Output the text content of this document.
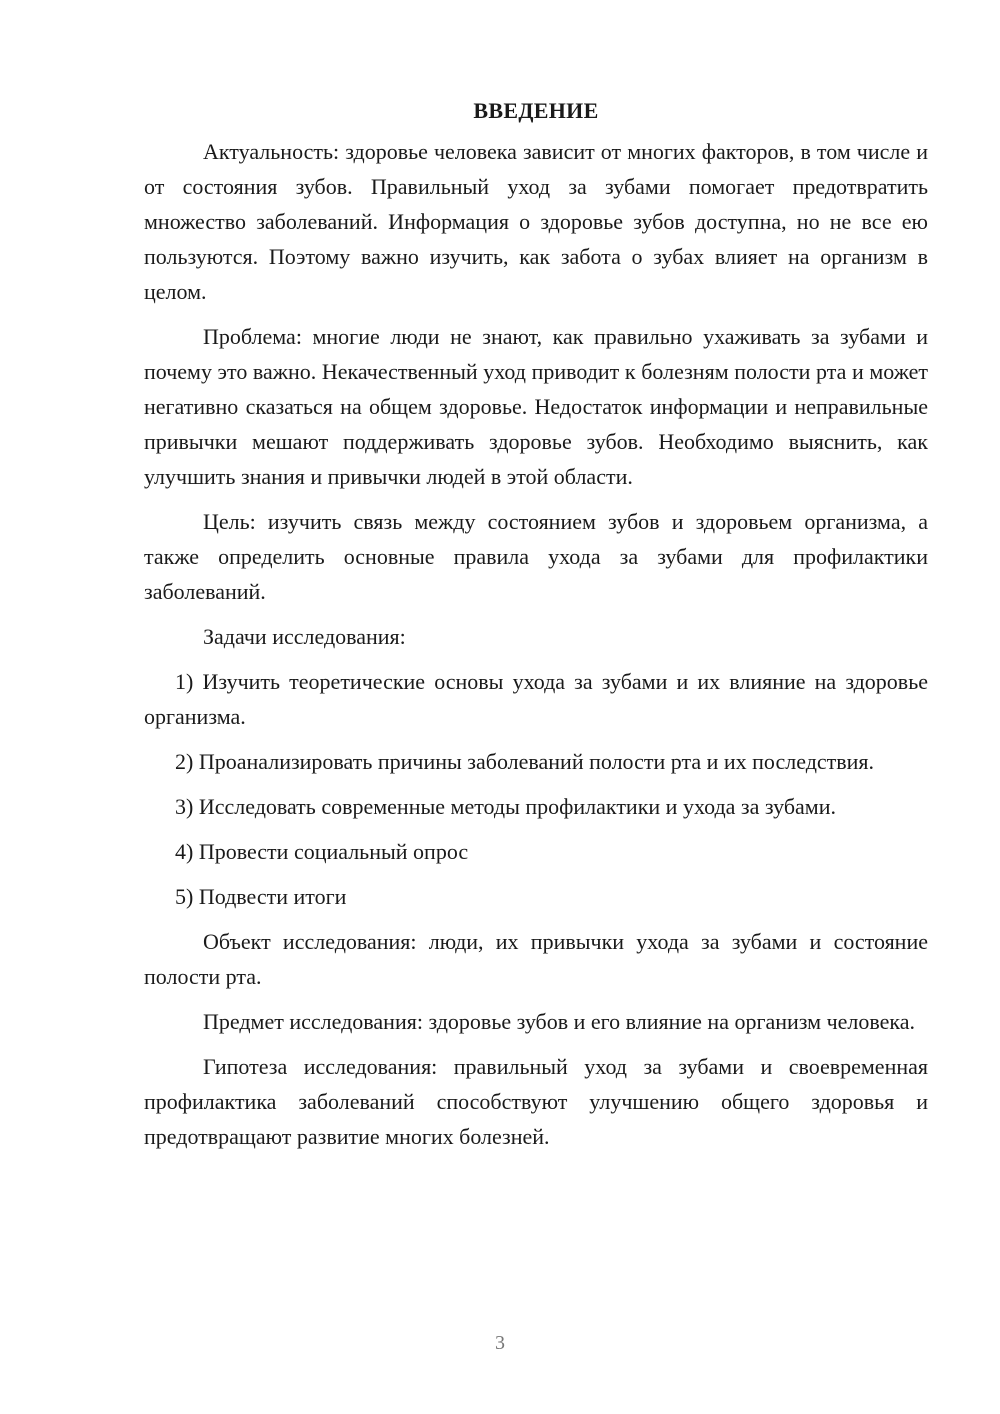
ВВЕДЕНИЕ

Актуальность: здоровье человека зависит от многих факторов, в том числе и от состояния зубов. Правильный уход за зубами помогает предотвратить множество заболеваний. Информация о здоровье зубов доступна, но не все ею пользуются. Поэтому важно изучить, как забота о зубах влияет на организм в целом.

Проблема: многие люди не знают, как правильно ухаживать за зубами и почему это важно. Некачественный уход приводит к болезням полости рта и может негативно сказаться на общем здоровье. Недостаток информации и неправильные привычки мешают поддерживать здоровье зубов. Необходимо выяснить, как улучшить знания и привычки людей в этой области.

Цель: изучить связь между состоянием зубов и здоровьем организма, а также определить основные правила ухода за зубами для профилактики заболеваний.

Задачи исследования:

1) Изучить теоретические основы ухода за зубами и их влияние на здоровье организма.

2) Проанализировать причины заболеваний полости рта и их последствия.

3) Исследовать современные методы профилактики и ухода за зубами.

4) Провести социальный опрос

5) Подвести итоги

Объект исследования: люди, их привычки ухода за зубами и состояние полости рта.

Предмет исследования: здоровье зубов и его влияние на организм человека.

Гипотеза исследования: правильный уход за зубами и своевременная профилактика заболеваний способствуют улучшению общего здоровья и предотвращают развитие многих болезней.

3
